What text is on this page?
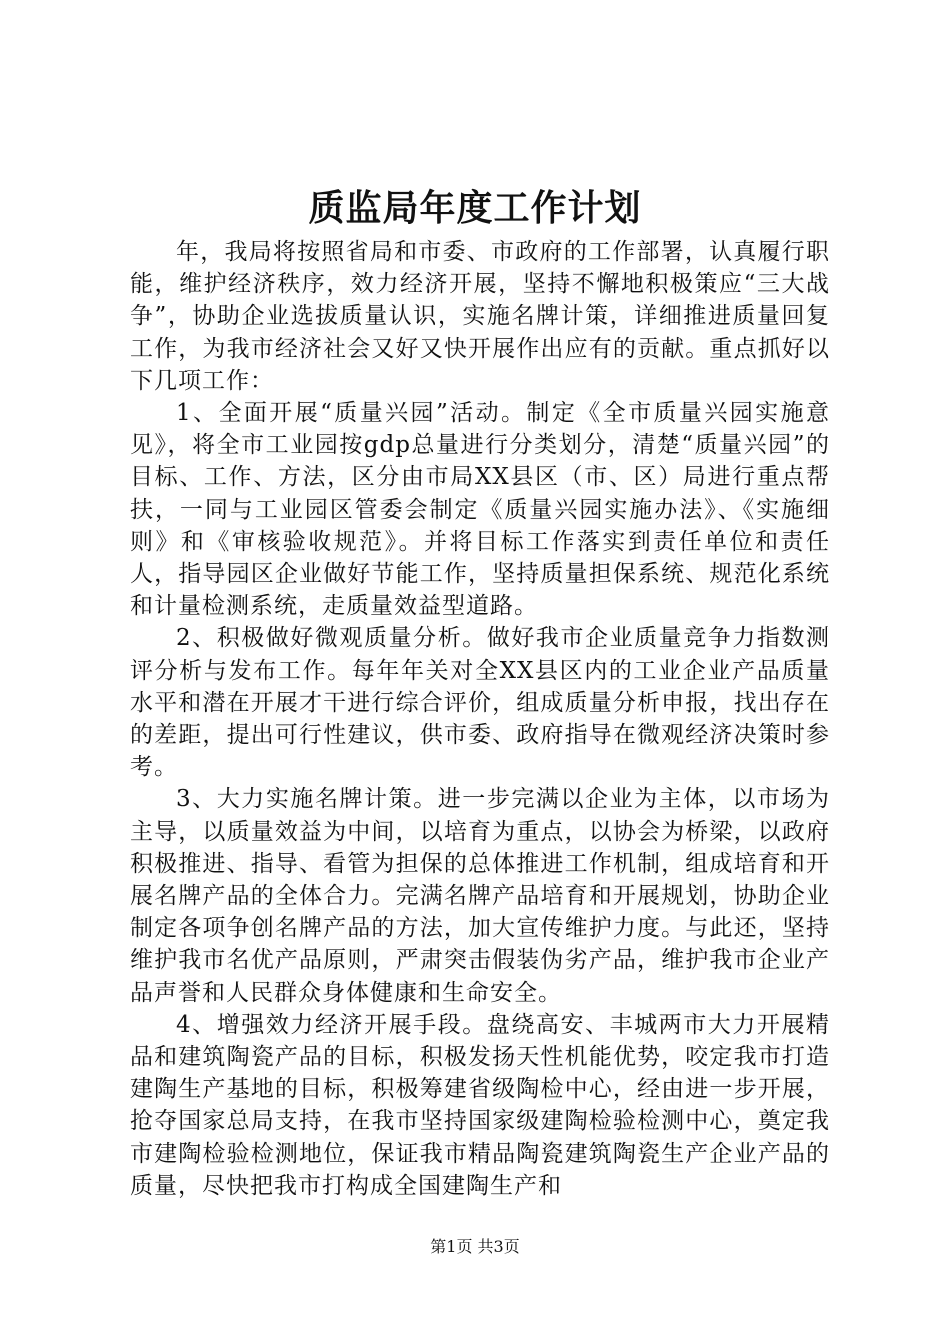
质监局年度工作计划

年，我局将按照省局和市委、市政府的工作部署，认真履行职能，维护经济秩序，效力经济开展，坚持不懈地积极策应“三大战争”，协助企业选拔质量认识，实施名牌计策，详细推进质量回复工作，为我市经济社会又好又快开展作出应有的贡献。重点抓好以下几项工作：

1、全面开展“质量兴园”活动。制定《全市质量兴园实施意见》，将全市工业园按gdp总量进行分类划分，清楚“质量兴园”的目标、工作、方法，区分由市局XX县区（市、区）局进行重点帮扶，一同与工业园区管委会制定《质量兴园实施办法》、《实施细则》和《审核验收规范》。并将目标工作落实到责任单位和责任人，指导园区企业做好节能工作，坚持质量担保系统、规范化系统和计量检测系统，走质量效益型道路。

2、积极做好微观质量分析。做好我市企业质量竞争力指数测评分析与发布工作。每年年关对全XX县区内的工业企业产品质量水平和潜在开展才干进行综合评价，组成质量分析申报，找出存在的差距，提出可行性建议，供市委、政府指导在微观经济决策时参考。

3、大力实施名牌计策。进一步完满以企业为主体，以市场为主导，以质量效益为中间，以培育为重点，以协会为桥梁，以政府积极推进、指导、看管为担保的总体推进工作机制，组成培育和开展名牌产品的全体合力。完满名牌产品培育和开展规划，协助企业制定各项争创名牌产品的方法，加大宣传维护力度。与此还，坚持维护我市名优产品原则，严肃突击假装伪劣产品，维护我市企业产品声誉和人民群众身体健康和生命安全。

4、增强效力经济开展手段。盘绕高安、丰城两市大力开展精品和建筑陶瓷产品的目标，积极发扬天性机能优势，咬定我市打造建陶生产基地的目标，积极筹建省级陶检中心，经由进一步开展，抢夺国家总局支持，在我市坚持国家级建陶检验检测中心，奠定我市建陶检验检测地位，保证我市精品陶瓷建筑陶瓷生产企业产品的质量，尽快把我市打构成全国建陶生产和

第1页 共3页
